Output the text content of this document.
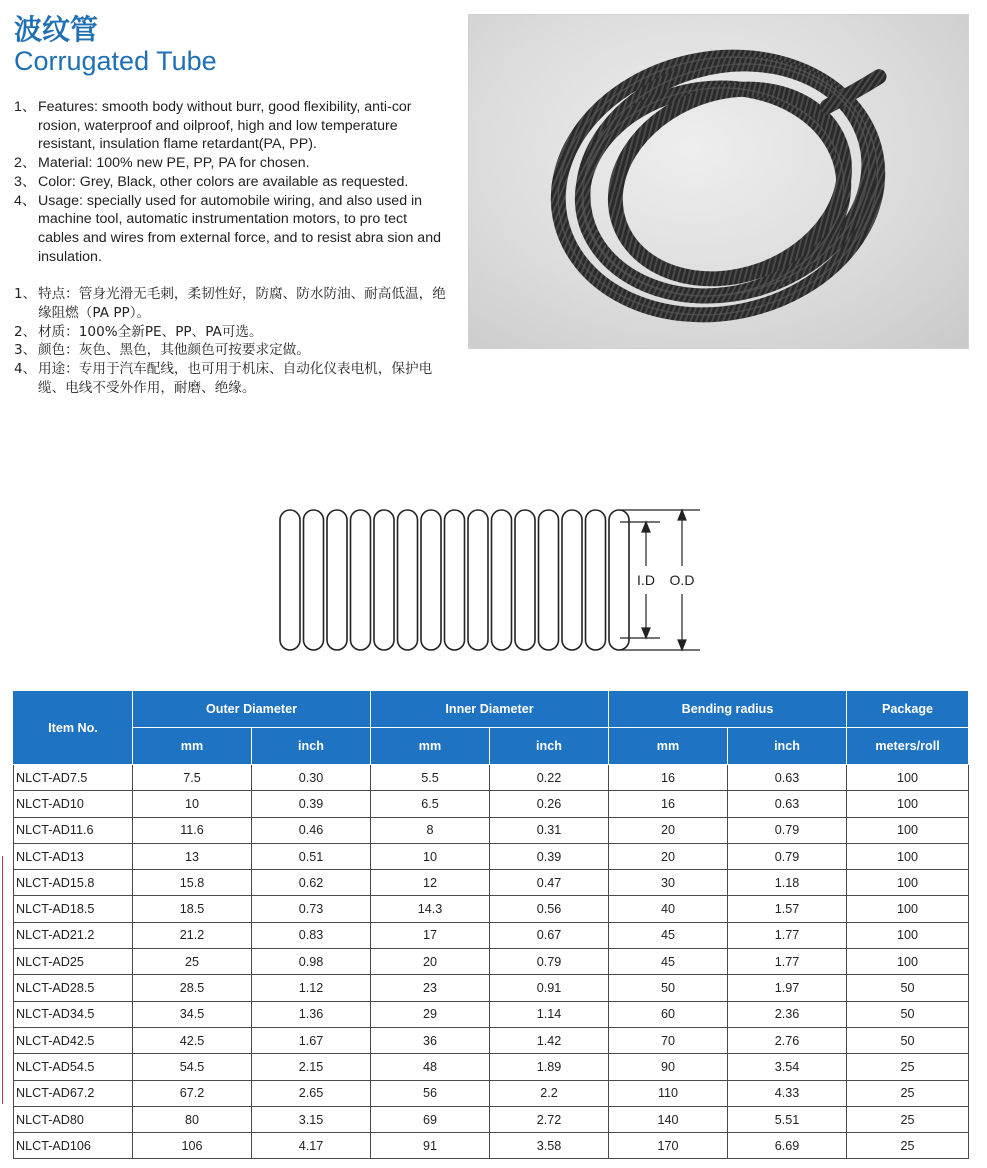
波纹管
Corrugated Tube
1、 Features: smooth body without burr, good flexibility, anti-cor rosion, waterproof and oilproof, high and low temperature resistant, insulation flame retardant(PA, PP).
2、 Material: 100% new PE, PP, PA for chosen.
3、 Color: Grey, Black, other colors are available as requested.
4、 Usage: specially used for automobile wiring, and also used in machine tool, automatic instrumentation motors, to pro tect cables and wires from external force, and to resist abra sion and insulation.
1、 特点：管身光滑无毛刺，柔韧性好，防腐、防水防油、耐高低温，绝缘阻燃（PA PP）。
2、 材质：100%全新PE、PP、PA可选。
3、 颜色：灰色、黑色，其他颜色可按要求定做。
4、 用途：专用于汽车配线，也可用于机床、自动化仪表电机，保护电缆、电线不受外作用，耐磨、绝缘。
I.D O.D
Item No.	Outer Diameter		Inner Diameter		Bending radius		Package
	mm	inch	mm	inch	mm	inch	meters/roll
NLCT-AD7.5	7.5	0.30	5.5	0.22	16	0.63	100
NLCT-AD10	10	0.39	6.5	0.26	16	0.63	100
NLCT-AD11.6	11.6	0.46	8	0.31	20	0.79	100
NLCT-AD13	13	0.51	10	0.39	20	0.79	100
NLCT-AD15.8	15.8	0.62	12	0.47	30	1.18	100
NLCT-AD18.5	18.5	0.73	14.3	0.56	40	1.57	100
NLCT-AD21.2	21.2	0.83	17	0.67	45	1.77	100
NLCT-AD25	25	0.98	20	0.79	45	1.77	100
NLCT-AD28.5	28.5	1.12	23	0.91	50	1.97	50
NLCT-AD34.5	34.5	1.36	29	1.14	60	2.36	50
NLCT-AD42.5	42.5	1.67	36	1.42	70	2.76	50
NLCT-AD54.5	54.5	2.15	48	1.89	90	3.54	25
NLCT-AD67.2	67.2	2.65	56	2.2	110	4.33	25
NLCT-AD80	80	3.15	69	2.72	140	5.51	25
NLCT-AD106	106	4.17	91	3.58	170	6.69	25
